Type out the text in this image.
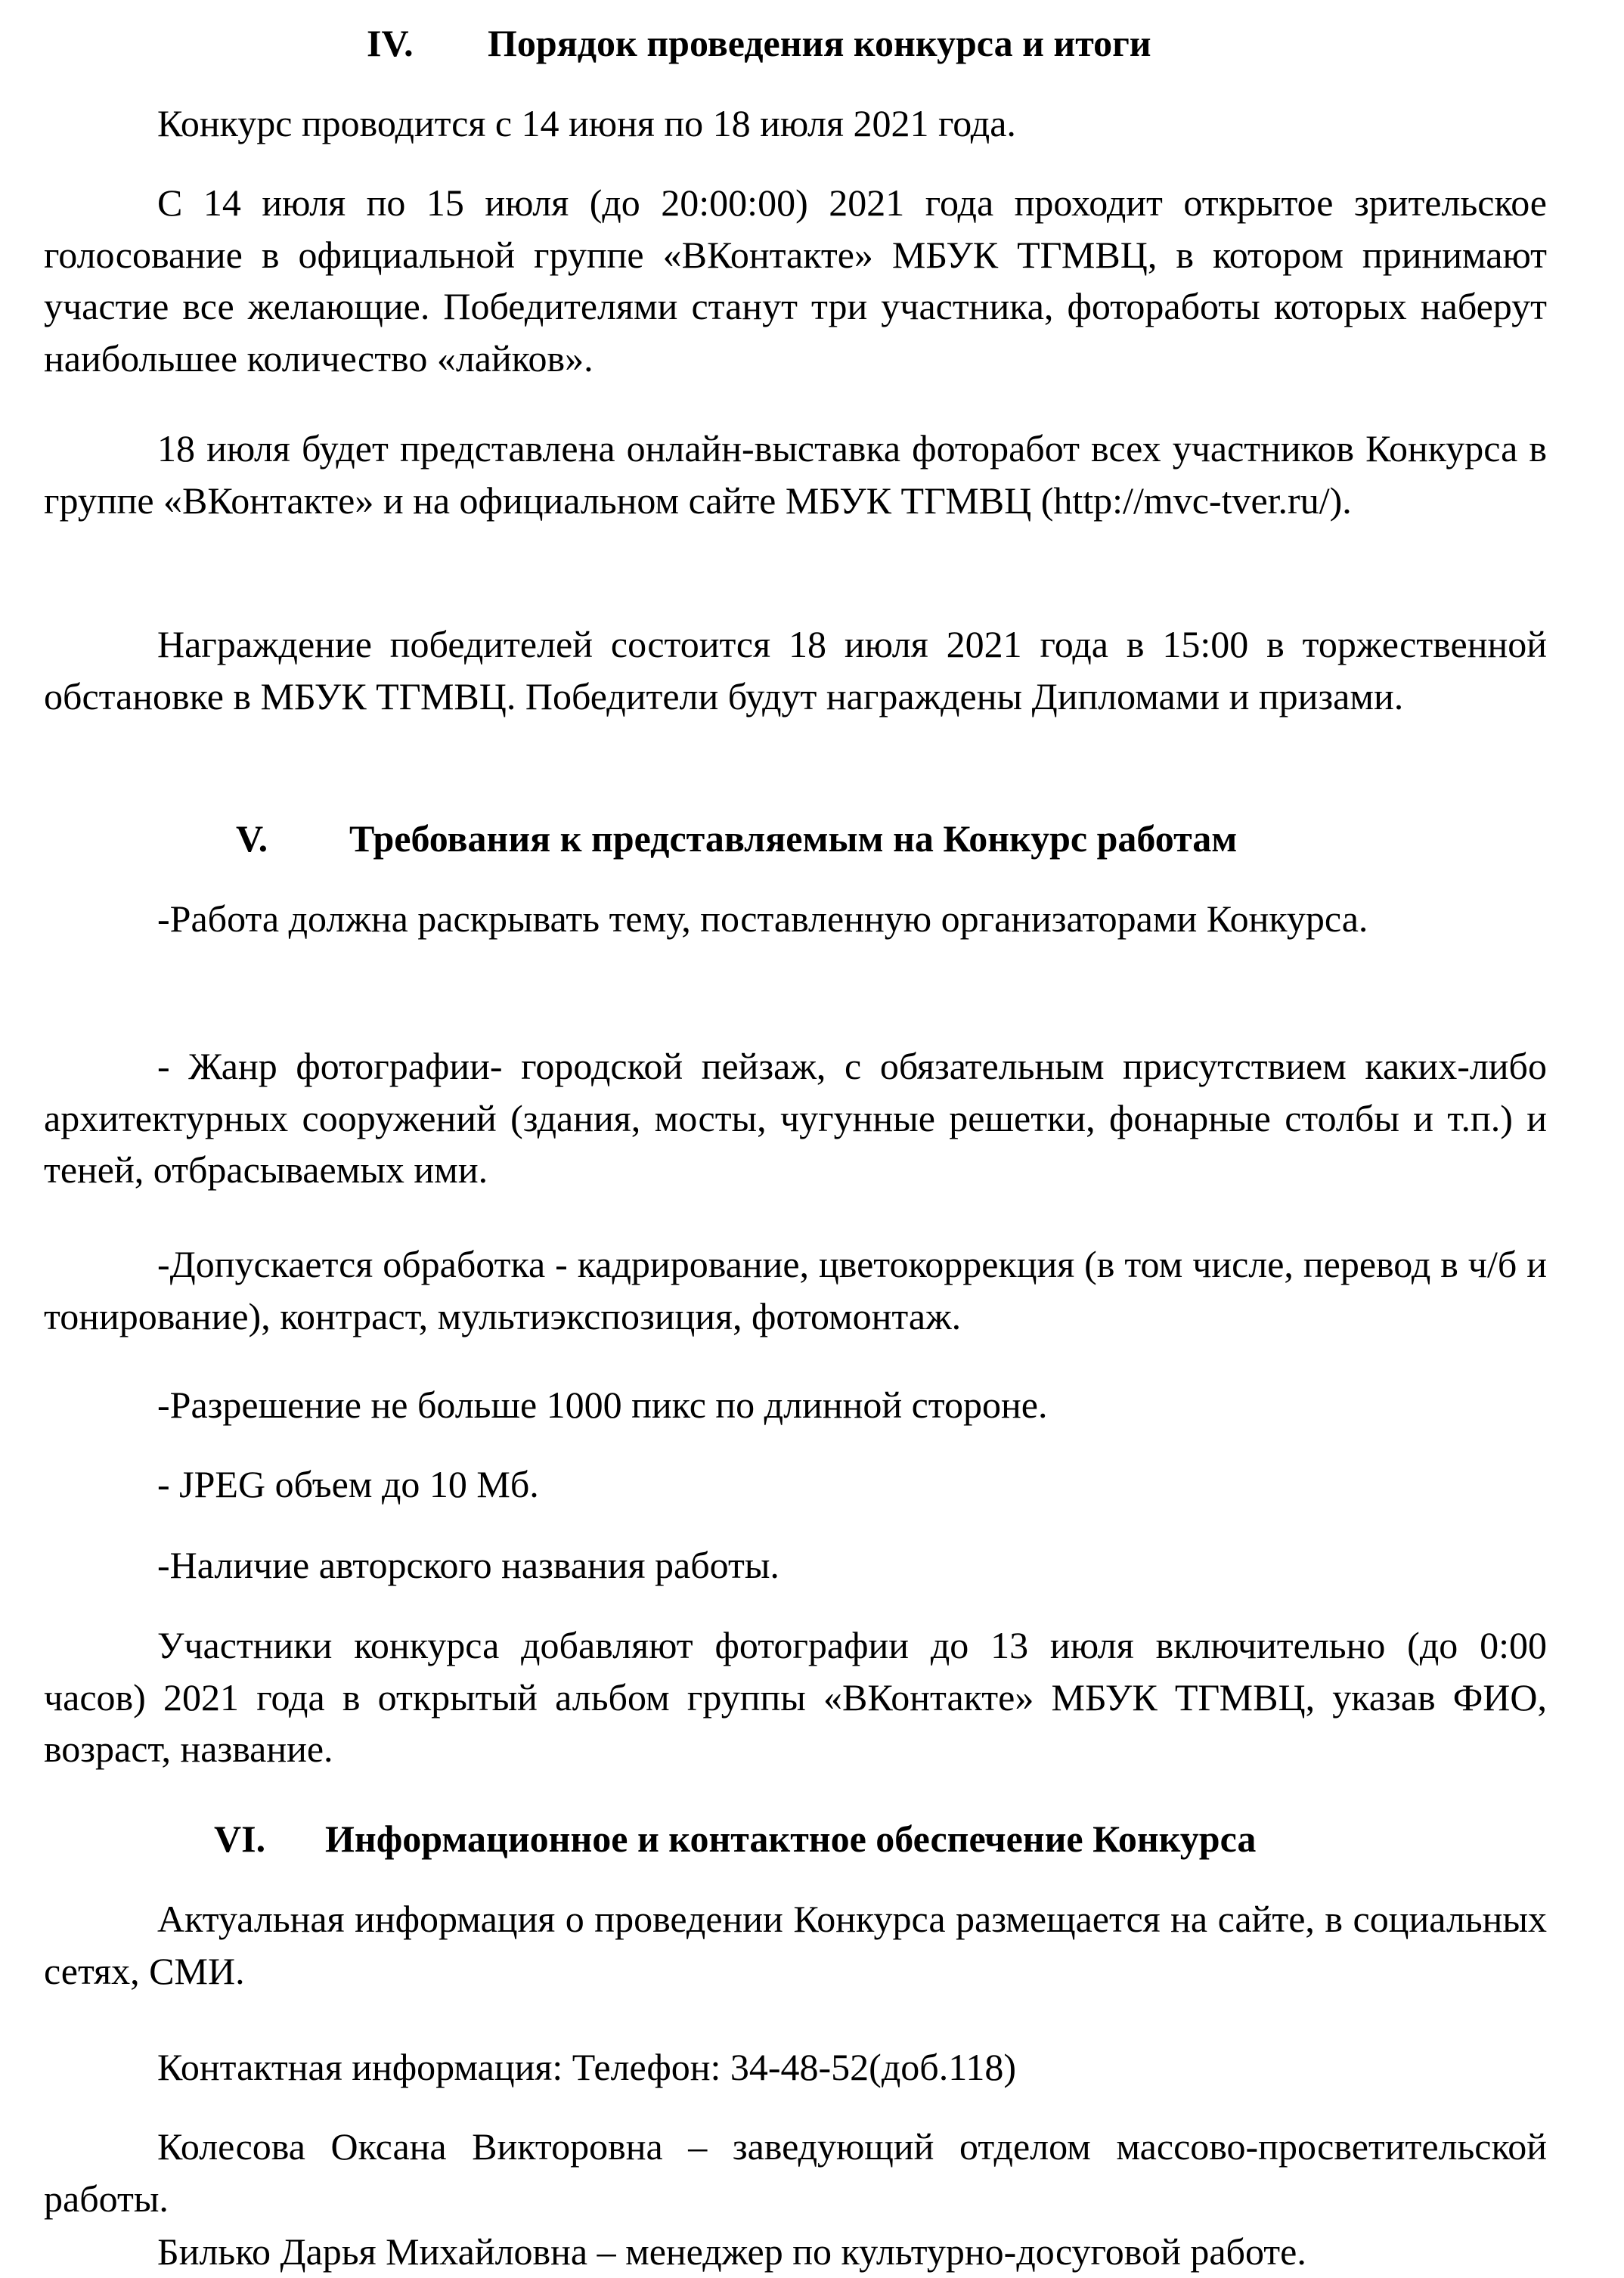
IV. Порядок проведения конкурса и итоги

Конкурс проводится с 14 июня по 18 июля 2021 года.

С 14 июля по 15 июля (до 20:00:00) 2021 года проходит открытое зрительское голосование в официальной группе «ВКонтакте» МБУК ТГМВЦ, в котором принимают участие все желающие. Победителями станут три участника, фоторaботы которых наберут наибольшее количество «лайков».

18 июля будет представлена онлайн-выставка фоторабот всех участников Конкурса в группе «ВКонтакте» и на официальном сайте МБУК ТГМВЦ (http://mvc-tver.ru/).

Награждение победителей состоится 18 июля 2021 года в 15:00 в торжественной обстановке в МБУК ТГМВЦ. Победители будут награждены Дипломами и призами.

V. Требования к представляемым на Конкурс работам

-Работа должна раскрывать тему, поставленную организаторами Конкурса.

- Жанр фотографии- городской пейзаж, с обязательным присутствием каких-либо архитектурных сооружений (здания, мосты, чугунные решетки, фонарные столбы и т.п.) и теней, отбрасываемых ими.

-Допускается обработка - кадрирование, цветокоррекция (в том числе, перевод в ч/б и тонирование), контраст, мультиэкспозиция, фотомонтаж.

-Разрешение не больше 1000 пикс по длинной стороне.

- JPEG объем до 10 Мб.

-Наличие авторского названия работы.

Участники конкурса добавляют фотографии до 13 июля включительно (до 0:00 часов) 2021 года в открытый альбом группы «ВКонтакте» МБУК ТГМВЦ, указав ФИО, возраст, название.

VI. Информационное и контактное обеспечение Конкурса

Актуальная информация о проведении Конкурса размещается на сайте, в социальных сетях, СМИ.

Контактная информация: Телефон: 34-48-52(доб.118)

Колесова Оксана Викторовна – заведующий отделом массово-просветительской работы.

Билько Дарья Михайловна – менеджер по культурно-досуговой работе.
